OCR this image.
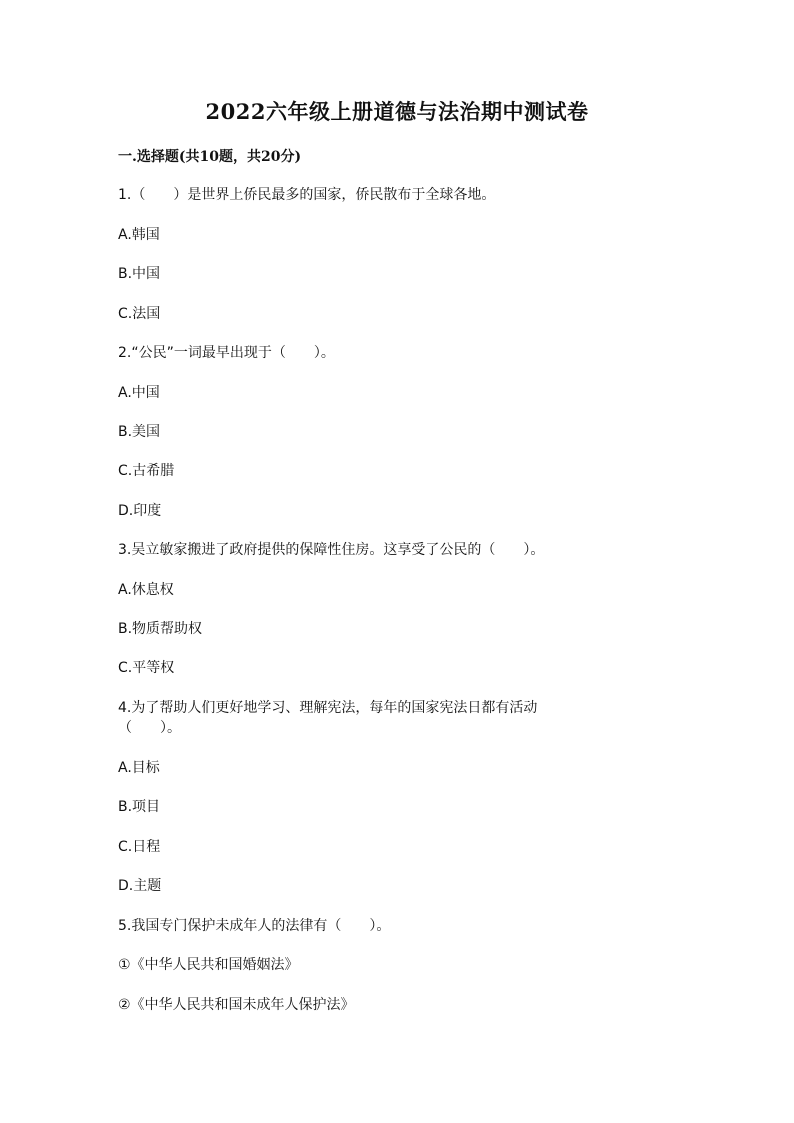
2022六年级上册道德与法治期中测试卷
一.选择题(共10题，共20分)
1.（　　）是世界上侨民最多的国家，侨民散布于全球各地。
A.韩国
B.中国
C.法国
2.“公民”一词最早出现于（　　）。
A.中国
B.美国
C.古希腊
D.印度
3.吴立敏家搬进了政府提供的保障性住房。这享受了公民的（　　）。
A.休息权
B.物质帮助权
C.平等权
4.为了帮助人们更好地学习、理解宪法，每年的国家宪法日都有活动
（　　）。
A.目标
B.项目
C.日程
D.主题
5.我国专门保护未成年人的法律有（　　）。
①《中华人民共和国婚姻法》
②《中华人民共和国未成年人保护法》
